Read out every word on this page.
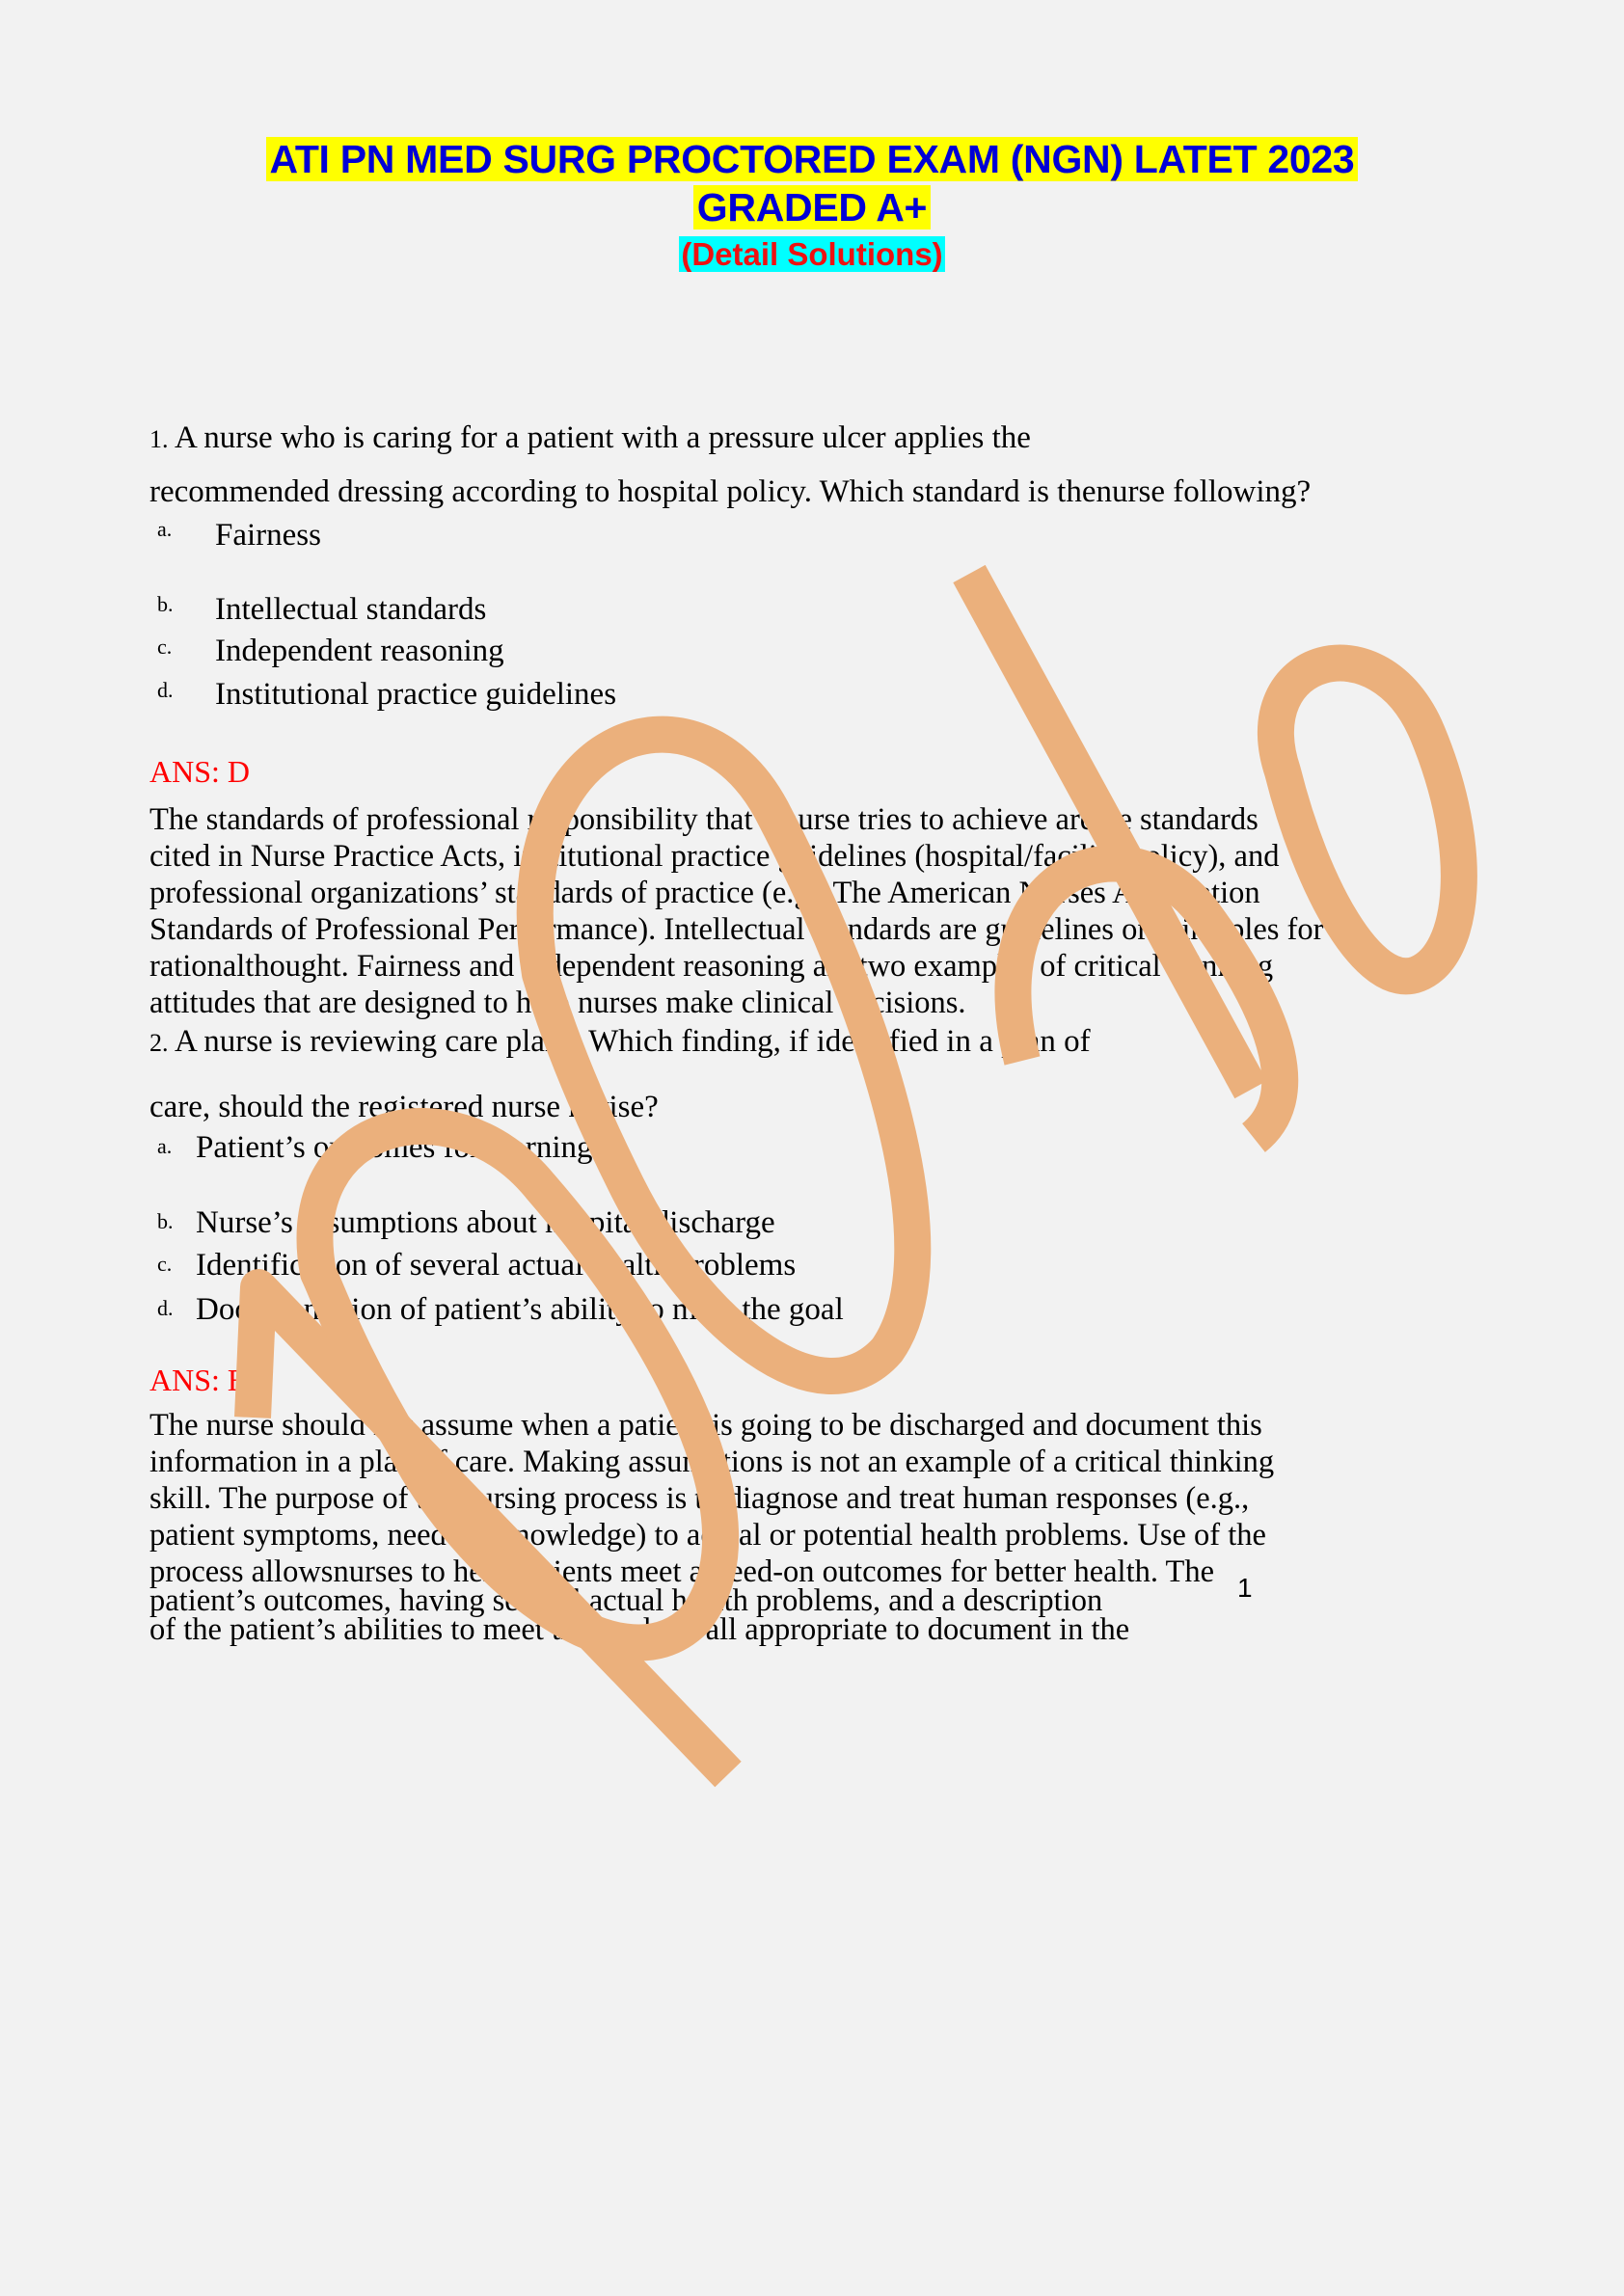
ATI PN MED SURG PROCTORED EXAM (NGN) LATET 2023
GRADED A+
(Detail Solutions)
1. A nurse who is caring for a patient with a pressure ulcer applies the
recommended dressing according to hospital policy. Which standard is thenurse following?
a. Fairness
b. Intellectual standards
c. Independent reasoning
d. Institutional practice guidelines
ANS: D
The standards of professional responsibility that a nurse tries to achieve arethe standards
cited in Nurse Practice Acts, institutional practice guidelines (hospital/facility policy), and
professional organizations’ standards of practice (e.g., The American Nurses Association
Standards of Professional Performance). Intellectual standards are guidelines or principles for
rationalthought. Fairness and independent reasoning are two examples of critical thinking
attitudes that are designed to help nurses make clinical decisions.
2. A nurse is reviewing care plans. Which finding, if identified in a plan of
care, should the registered nurse revise?
a. Patient’s outcomes for learning
b. Nurse’s assumptions about hospital discharge
c. Identification of several actual health problems
d. Documentation of patient’s ability to meet the goal
ANS: B
The nurse should not assume when a patient is going to be discharged and document this
information in a plan of care. Making assumptions is not an example of a critical thinking
skill. The purpose of the nursing process is to diagnose and treat human responses (e.g.,
patient symptoms, need for knowledge) to actual or potential health problems. Use of the
process allowsnurses to help patients meet agreed-on outcomes for better health. The
patient’s outcomes, having several actual health problems, and a description
of the patient’s abilities to meet the goal are all appropriate to document in the
1
